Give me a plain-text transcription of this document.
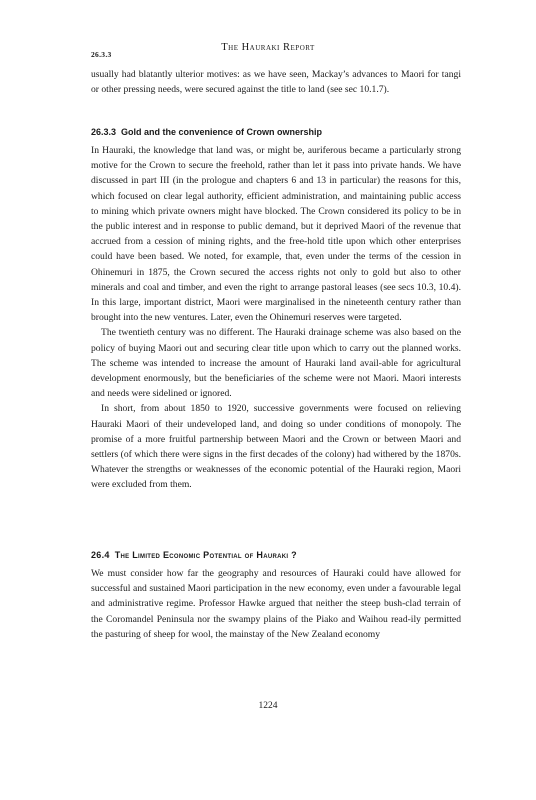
The Hauraki Report
26.3.3

usually had blatantly ulterior motives: as we have seen, Mackay’s advances to Maori for tangi or other pressing needs, were secured against the title to land (see sec 10.1.7).

26.3.3 Gold and the convenience of Crown ownership

In Hauraki, the knowledge that land was, or might be, auriferous became a particularly strong motive for the Crown to secure the freehold, rather than let it pass into private hands. We have discussed in part III (in the prologue and chapters 6 and 13 in particular) the reasons for this, which focused on clear legal authority, efficient administration, and maintaining public access to mining which private owners might have blocked. The Crown considered its policy to be in the public interest and in response to public demand, but it deprived Maori of the revenue that accrued from a cession of mining rights, and the free-hold title upon which other enterprises could have been based. We noted, for example, that, even under the terms of the cession in Ohinemuri in 1875, the Crown secured the access rights not only to gold but also to other minerals and coal and timber, and even the right to arrange pastoral leases (see secs 10.3, 10.4). In this large, important district, Maori were marginalised in the nineteenth century rather than brought into the new ventures. Later, even the Ohinemuri reserves were targeted.

The twentieth century was no different. The Hauraki drainage scheme was also based on the policy of buying Maori out and securing clear title upon which to carry out the planned works. The scheme was intended to increase the amount of Hauraki land avail-able for agricultural development enormously, but the beneficiaries of the scheme were not Maori. Maori interests and needs were sidelined or ignored.

In short, from about 1850 to 1920, successive governments were focused on relieving Hauraki Maori of their undeveloped land, and doing so under conditions of monopoly. The promise of a more fruitful partnership between Maori and the Crown or between Maori and settlers (of which there were signs in the first decades of the colony) had withered by the 1870s. Whatever the strengths or weaknesses of the economic potential of the Hauraki region, Maori were excluded from them.

26.4 The Limited Economic Potential of Hauraki ?

We must consider how far the geography and resources of Hauraki could have allowed for successful and sustained Maori participation in the new economy, even under a favourable legal and administrative regime. Professor Hawke argued that neither the steep bush-clad terrain of the Coromandel Peninsula nor the swampy plains of the Piako and Waihou read-ily permitted the pasturing of sheep for wool, the mainstay of the New Zealand economy

1224
